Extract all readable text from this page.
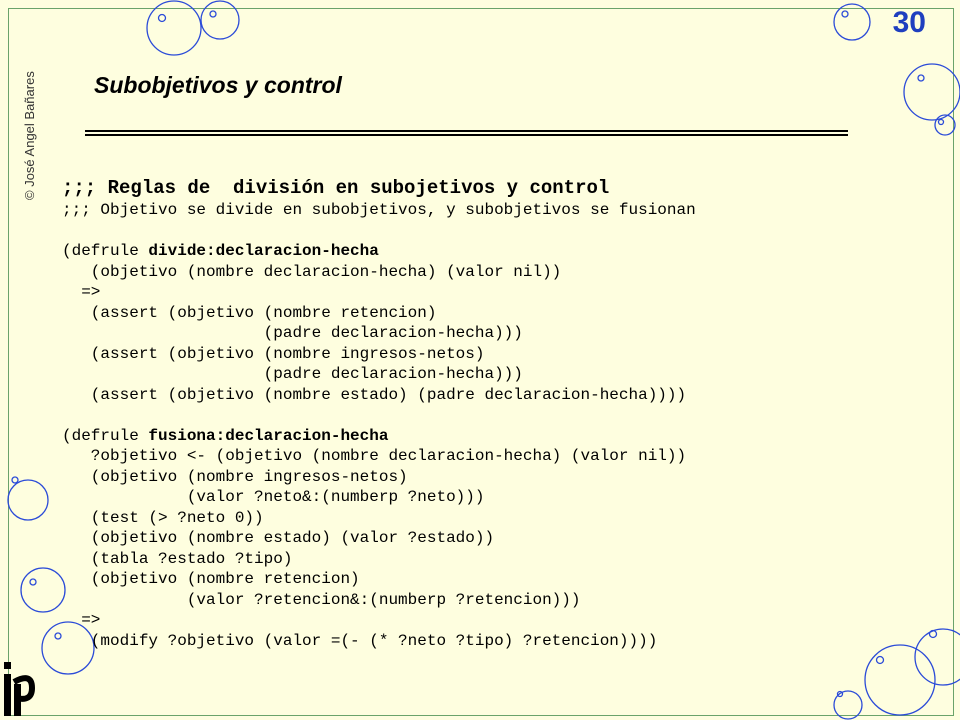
© José Angel Bañares
30
Subobjetivos y control
;;; Reglas de  división en subojetivos y control
;;; Objetivo se divide en subobjetivos, y subobjetivos se fusionan
(defrule divide:declaracion-hecha
(objetivo (nombre declaracion-hecha) (valor nil))
=>
(assert (objetivo (nombre retencion)
(padre declaracion-hecha)))
(assert (objetivo (nombre ingresos-netos)
(padre declaracion-hecha)))
(assert (objetivo (nombre estado) (padre declaracion-hecha))))
(defrule fusiona:declaracion-hecha
?objetivo <- (objetivo (nombre declaracion-hecha) (valor nil))
(objetivo (nombre ingresos-netos)
(valor ?neto&:(numberp ?neto)))
(test (> ?neto 0))
(objetivo (nombre estado) (valor ?estado))
(tabla ?estado ?tipo)
(objetivo (nombre retencion)
(valor ?retencion&:(numberp ?retencion)))
=>
(modify ?objetivo (valor =(- (* ?neto ?tipo) ?retencion))))
